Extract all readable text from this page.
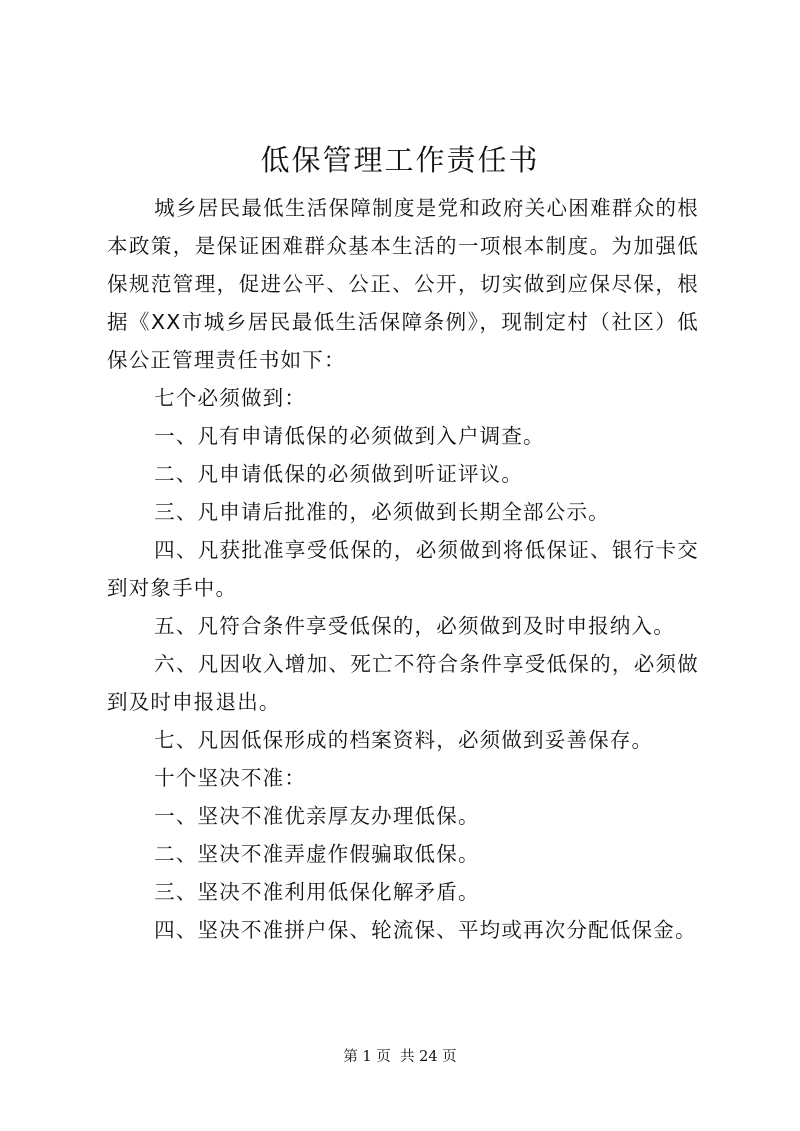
低保管理工作责任书

城乡居民最低生活保障制度是党和政府关心困难群众的根本政策，是保证困难群众基本生活的一项根本制度。为加强低保规范管理，促进公平、公正、公开，切实做到应保尽保，根据《XX市城乡居民最低生活保障条例》，现制定村（社区）低保公正管理责任书如下：

七个必须做到：

一、凡有申请低保的必须做到入户调查。

二、凡申请低保的必须做到听证评议。

三、凡申请后批准的，必须做到长期全部公示。

四、凡获批准享受低保的，必须做到将低保证、银行卡交到对象手中。

五、凡符合条件享受低保的，必须做到及时申报纳入。

六、凡因收入增加、死亡不符合条件享受低保的，必须做到及时申报退出。

七、凡因低保形成的档案资料，必须做到妥善保存。

十个坚决不准：

一、坚决不准优亲厚友办理低保。

二、坚决不准弄虚作假骗取低保。

三、坚决不准利用低保化解矛盾。

四、坚决不准拼户保、轮流保、平均或再次分配低保金。

第 1 页  共 24 页
